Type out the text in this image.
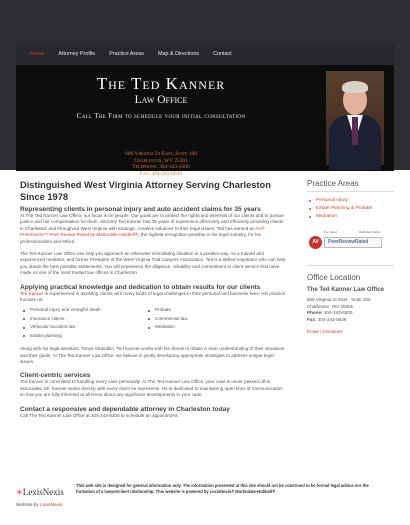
Home	Attorney Profile	Practice Areas	Map & Directions	Contact
The Ted Kanner
Law Office
Call The Firm to schedule your initial consultation
606 Virginia St East, Suite 100
Charleston, WV 25301
Telephone: 304-343-6300
Fax: 304-343-0639
Distinguished West Virginia Attorney Serving Charleston Since 1978
Representing clients in personal injury and auto accident claims for 35 years

At The Ted Kanner Law Office, our focus is on people. Our goals are to protect the rights and interests of our clients and to pursue justice and fair compensation for them. Attorney Ted Kanner has 35 years of experience effectively and efficiently providing clients in Charleston and throughout West Virginia with strategic, creative solutions to their legal issues. Ted has earned an AV® Preeminent™ Peer Review Rated by Martindale-Hubbell®, the highest recognition possible in the legal industry, for his professionalism and ethics.

The Ted Kanner Law Office can help you approach an otherwise intimidating situation in a positive way. As a trained and experienced mediator, and former President of the West Virginia Trial Lawyers Association, Ted is a skilled negotiator who can help you obtain the best possible settlements. You will experience the diligence, reliability and commitment to client service that have made us one of the most trusted law offices in Charleston.

Applying practical knowledge and dedication to obtain results for our clients

Ted Kanner is experienced in assisting clients with many kinds of legal challenges in their personal and business lives. His practice focuses on:

Personal injury and wrongful death	Probate
Insurance claims	Commercial law
Vehicular accident law	Mediation
Estate planning

Along with his legal assistant, Tonya Shamblin, Ted Kanner works with his clients to obtain a clear understanding of their situations and their goals. At The Ted Kanner Law Office, we believe in jointly developing appropriate strategies to address unique legal issues.

Client-centric services

Ted Kanner is committed to handling every case personally. At The Ted Kanner Law Office, your case is never passed off to associates. Mr. Kanner works directly with every client he represents. He is dedicated to maintaining open lines of communication so that you are fully informed at all times about any significant developments in your case.

Contact a responsive and dependable attorney in Charleston today

Call The Ted Kanner Law Office at 304-343-6300 to schedule an appointment.

Practice Areas
Personal Injury
Estate Planning & Probate
Mediation
Peer Rated	Martindale-Hubbell
AV	PeerReviewRated
Office Location
The Ted Kanner Law Office
606 Virginia St East , Suite 100
Charleston, WV 25301
Phone: 304-343-6300
Fax: 304-343-0639
Email | Directions
✳LexisNexis
This web site is designed for general information only. The information presented at this site should not be construed to be formal legal advice nor the formation of a lawyer/client relationship. This website is powered by LexisNexis® Martindale-Hubbell®
Website by LexisNexis
